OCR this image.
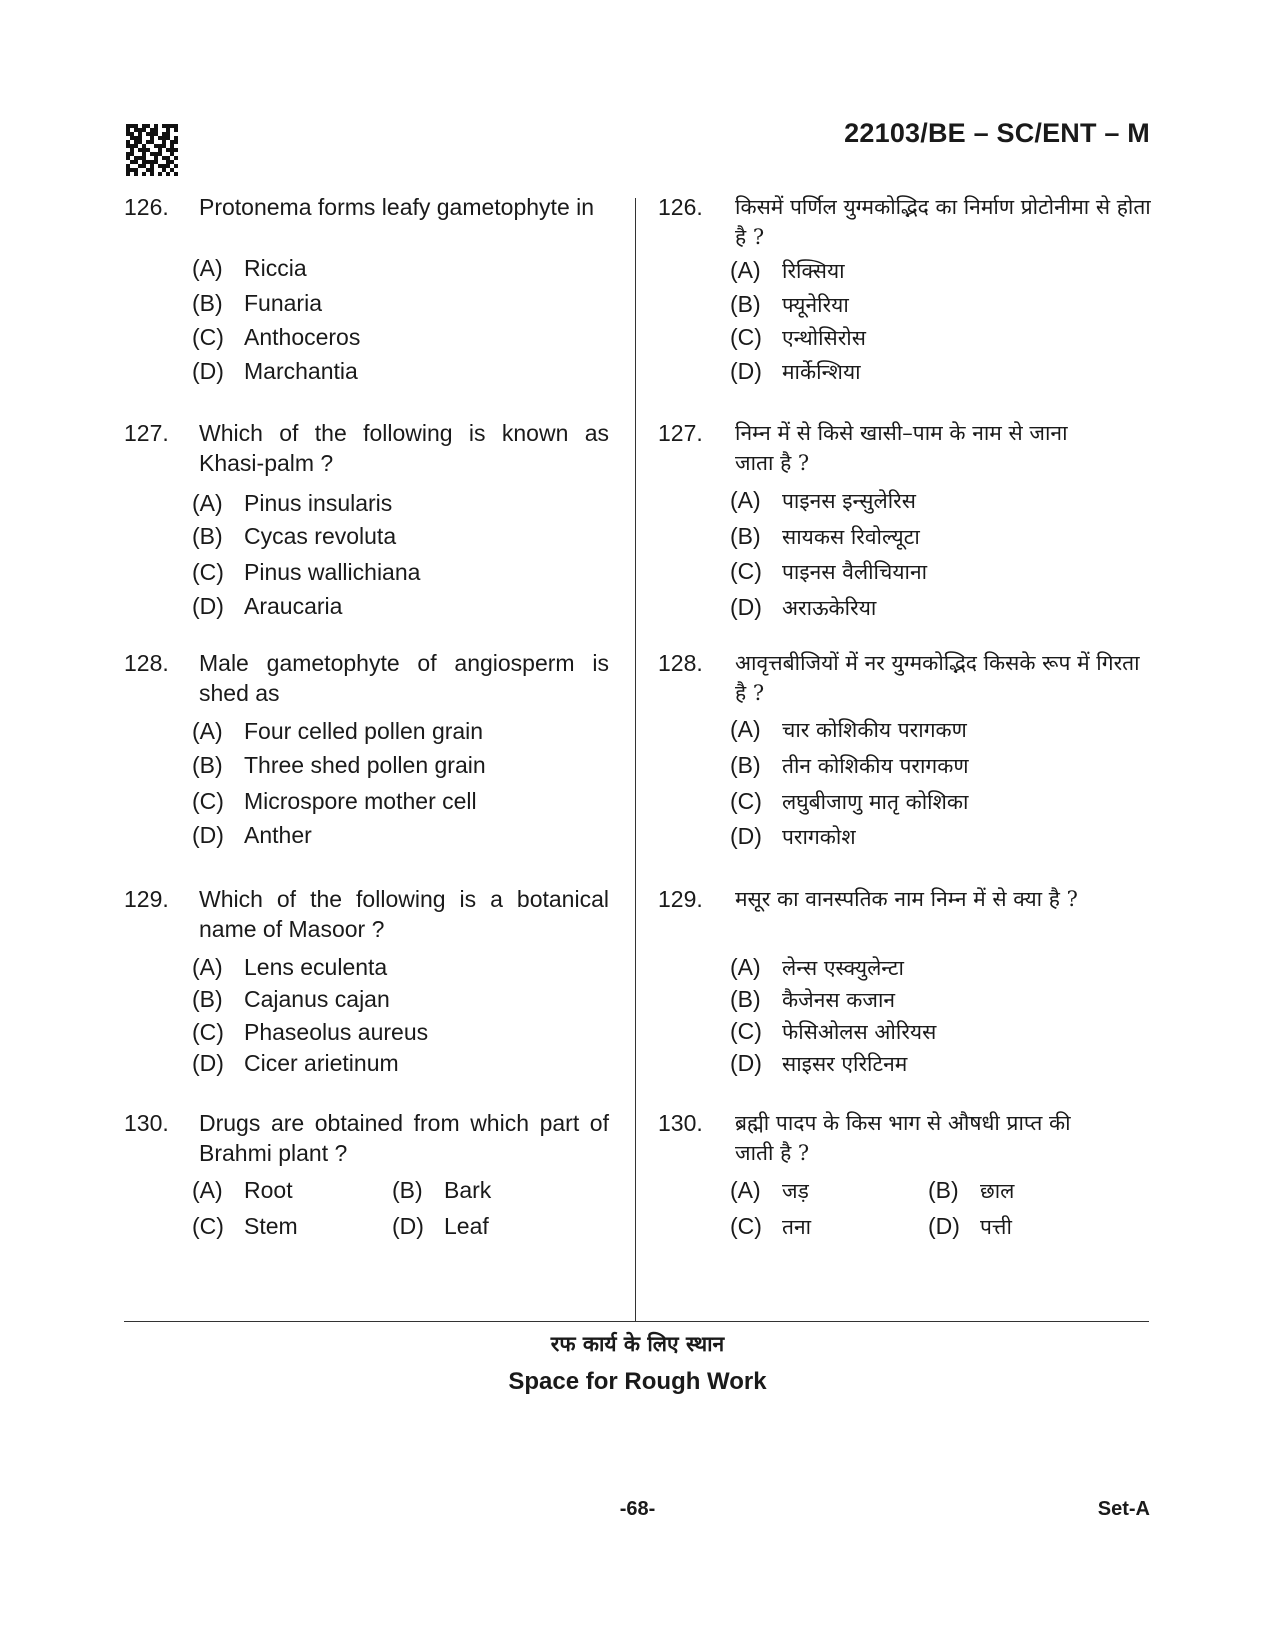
22103/BE – SC/ENT – M
126. Protonema forms leafy gametophyte in
(A) Riccia
(B) Funaria
(C) Anthoceros
(D) Marchantia
127. Which of the following is known as Khasi-palm ?
(A) Pinus insularis
(B) Cycas revoluta
(C) Pinus wallichiana
(D) Araucaria
128. Male gametophyte of angiosperm is shed as
(A) Four celled pollen grain
(B) Three shed pollen grain
(C) Microspore mother cell
(D) Anther
129. Which of the following is a botanical name of Masoor ?
(A) Lens eculenta
(B) Cajanus cajan
(C) Phaseolus aureus
(D) Cicer arietinum
130. Drugs are obtained from which part of Brahmi plant ?
(A) Root	(B) Bark
(C) Stem	(D) Leaf
126. किसमें पर्णिल युग्मकोद्भिद का निर्माण प्रोटोनीमा से होता है ?
(A) रिक्सिया
(B) फ्यूनेरिया
(C) एन्थोसिरोस
(D) मार्केन्शिया
127. निम्न में से किसे खासी–पाम के नाम से जाना जाता है ?
(A) पाइनस इन्सुलेरिस
(B) सायकस रिवोल्यूटा
(C) पाइनस वैलीचियाना
(D) अराऊकेरिया
128. आवृत्तबीजियों में नर युग्मकोद्भिद किसके रूप में गिरता है ?
(A) चार कोशिकीय परागकण
(B) तीन कोशिकीय परागकण
(C) लघुबीजाणु मातृ कोशिका
(D) परागकोश
129. मसूर का वानस्पतिक नाम निम्न में से क्या है ?
(A) लेन्स एस्क्युलेन्टा
(B) कैजेनस कजान
(C) फेसिओलस ओरियस
(D) साइसर एरिटिनम
130. ब्रह्मी पादप के किस भाग से औषधी प्राप्त की जाती है ?
(A) जड़	(B) छाल
(C) तना	(D) पत्ती
रफ कार्य के लिए स्थान
Space for Rough Work
-68-	Set-A
